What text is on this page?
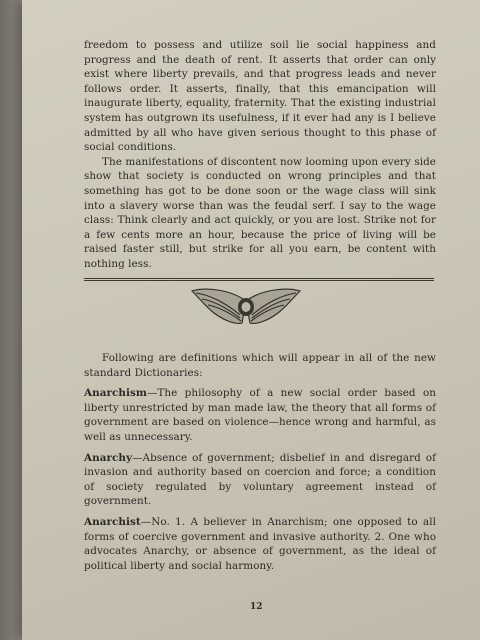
freedom to possess and utilize soil lie social happiness and progress and the death of rent. It asserts that order can only exist where liberty prevails, and that progress leads and never follows order. It asserts, finally, that this emancipation will inaugurate liberty, equality, fraternity. That the existing industrial system has outgrown its usefulness, if it ever had any is I believe admitted by all who have given serious thought to this phase of social conditions.

The manifestations of discontent now looming upon every side show that society is conducted on wrong principles and that something has got to be done soon or the wage class will sink into a slavery worse than was the feudal serf. I say to the wage class: Think clearly and act quickly, or you are lost. Strike not for a few cents more an hour, because the price of living will be raised faster still, but strike for all you earn, be content with nothing less.

Following are definitions which will appear in all of the new standard Dictionaries:

Anarchism—The philosophy of a new social order based on liberty unrestricted by man made law, the theory that all forms of government are based on violence—hence wrong and harmful, as well as unnecessary.

Anarchy—Absence of government; disbelief in and disregard of invasion and authority based on coercion and force; a condition of society regulated by voluntary agreement instead of government.

Anarchist—No. 1. A believer in Anarchism; one opposed to all forms of coercive government and invasive authority. 2. One who advocates Anarchy, or absence of government, as the ideal of political liberty and social harmony.

12
